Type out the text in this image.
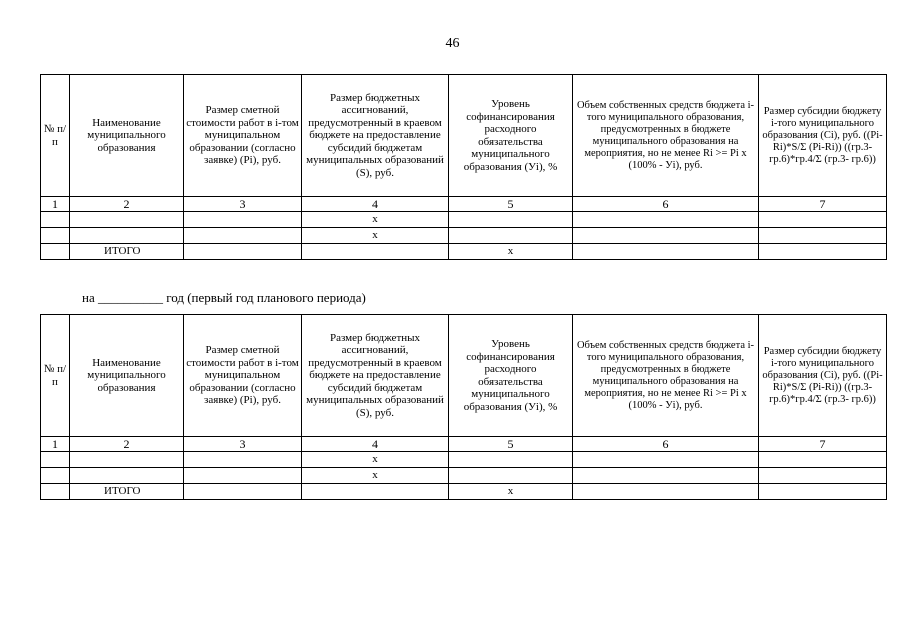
46
№ п/п	Наименование муниципального образования	Размер сметной стоимости работ в i-том муниципальном образовании (согласно заявке) (Pi), руб.	Размер бюджетных ассигнований, предусмотренный в краевом бюджете на предоставление субсидий бюджетам муниципальных образований (S), руб.	Уровень софинансирования расходного обязательства муниципального образования (Уi), %	Объем собственных средств бюджета i-того муниципального образования, предусмотренных в бюджете муниципального образования на мероприятия, но не менее Ri >= Pi x (100% - Уi), руб.	Размер субсидии бюджету i-того муниципального образования (Ci), руб. ((Pi-Ri)*S/Σ (Pi-Ri)) ((гр.3-гр.6)*гр.4/Σ (гр.3- гр.6))
1	2	3	4	5	6	7
			x			
			x			
	ИТОГО			x		
на __________ год (первый год планового периода)
№ п/п	Наименование муниципального образования	Размер сметной стоимости работ в i-том муниципальном образовании (согласно заявке) (Pi), руб.	Размер бюджетных ассигнований, предусмотренный в краевом бюджете на предоставление субсидий бюджетам муниципальных образований (S), руб.	Уровень софинансирования расходного обязательства муниципального образования (Уi), %	Объем собственных средств бюджета i-того муниципального образования, предусмотренных в бюджете муниципального образования на мероприятия, но не менее Ri >= Pi x (100% - Уi), руб.	Размер субсидии бюджету i-того муниципального образования (Ci), руб. ((Pi-Ri)*S/Σ (Pi-Ri)) ((гр.3-гр.6)*гр.4/Σ (гр.3- гр.6))
1	2	3	4	5	6	7
			x			
			x			
	ИТОГО			x		
